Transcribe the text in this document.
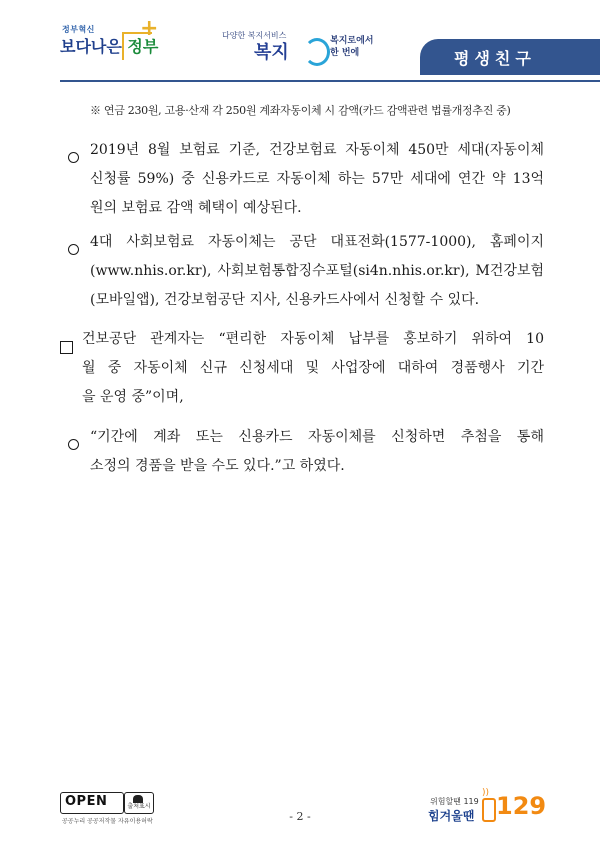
정부혁신
보다나은 정부
+	다양한 복지서비스
복지
복지로에서
한 번에	평생친구
※ 연금 230원, 고용·산재 각 250원 계좌자동이체 시 감액(카드 감액관련 법률개정추진 중)
2019년 8월 보험료 기준, 건강보험료 자동이체 450만 세대(자동이체
신청률 59%) 중 신용카드로 자동이체 하는 57만 세대에 연간 약 13억
원의 보험료 감액 혜택이 예상된다.
4대 사회보험료 자동이체는 공단 대표전화(1577-1000), 홈페이지
(www.nhis.or.kr), 사회보험통합징수포털(si4n.nhis.or.kr), M건강보험
(모바일앱), 건강보험공단 지사, 신용카드사에서 신청할 수 있다.
건보공단 관계자는 “편리한 자동이체 납부를 홍보하기 위하여 10
월 중 자동이체 신규 신청세대 및 사업장에 대하여 경품행사 기간
을 운영 중”이며,
“기간에 계좌 또는 신용카드 자동이체를 신청하면 추첨을 통해
소정의 경품을 받을 수도 있다.”고 하였다.
OPEN	출처표시
공공누리 공공저작물 자유이용허락	- 2 -
위험할땐 119
힘겨울땐
)) 129
